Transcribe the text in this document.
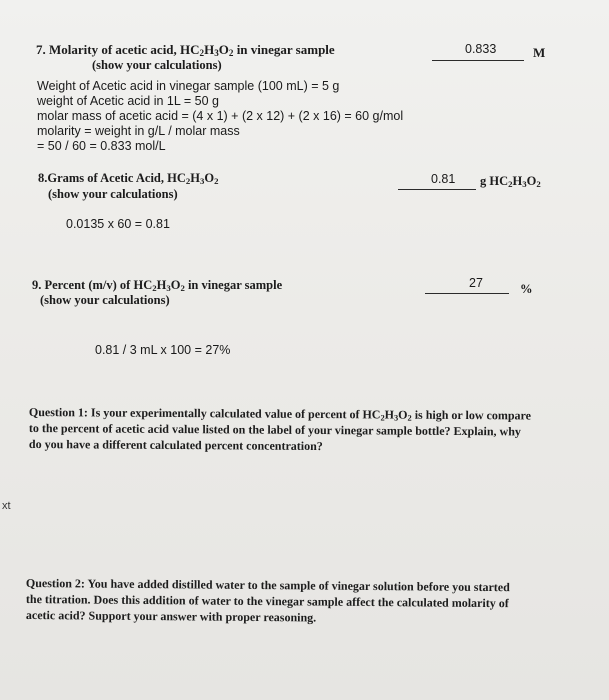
xt
7. Molarity of acetic acid, $HC_2H_3O_2$ in vinegar sample
(show your calculations)
0.833	M
Weight of Acetic acid in vinegar sample (100 mL) = 5 g
weight of Acetic acid in 1L = 50 g
molar mass of acetic acid = (4 x 1) + (2 x 12) + (2 x 16) = 60 g/mol
molarity = weight in g/L / molar mass
= 50 / 60 = 0.833 mol/L
8.Grams of Acetic Acid, $HC_2H_3O_2$
(show your calculations)
0.81 g $HC_2H_3O_2$
0.0135 x 60 = 0.81
9. Percent (m/v) of $HC_2H_3O_2$ in vinegar sample
(show your calculations)
27	%
0.81 / 3 mL x 100 = 27%
Question 1: Is your experimentally calculated value of percent of $HC_2H_3O_2$ is high or low compare
to the percent of acetic acid value listed on the label of your vinegar sample bottle? Explain, why
do you have a different calculated percent concentration?
Question 2: You have added distilled water to the sample of vinegar solution before you started
the titration. Does this addition of water to the vinegar sample affect the calculated molarity of
acetic acid? Support your answer with proper reasoning.
